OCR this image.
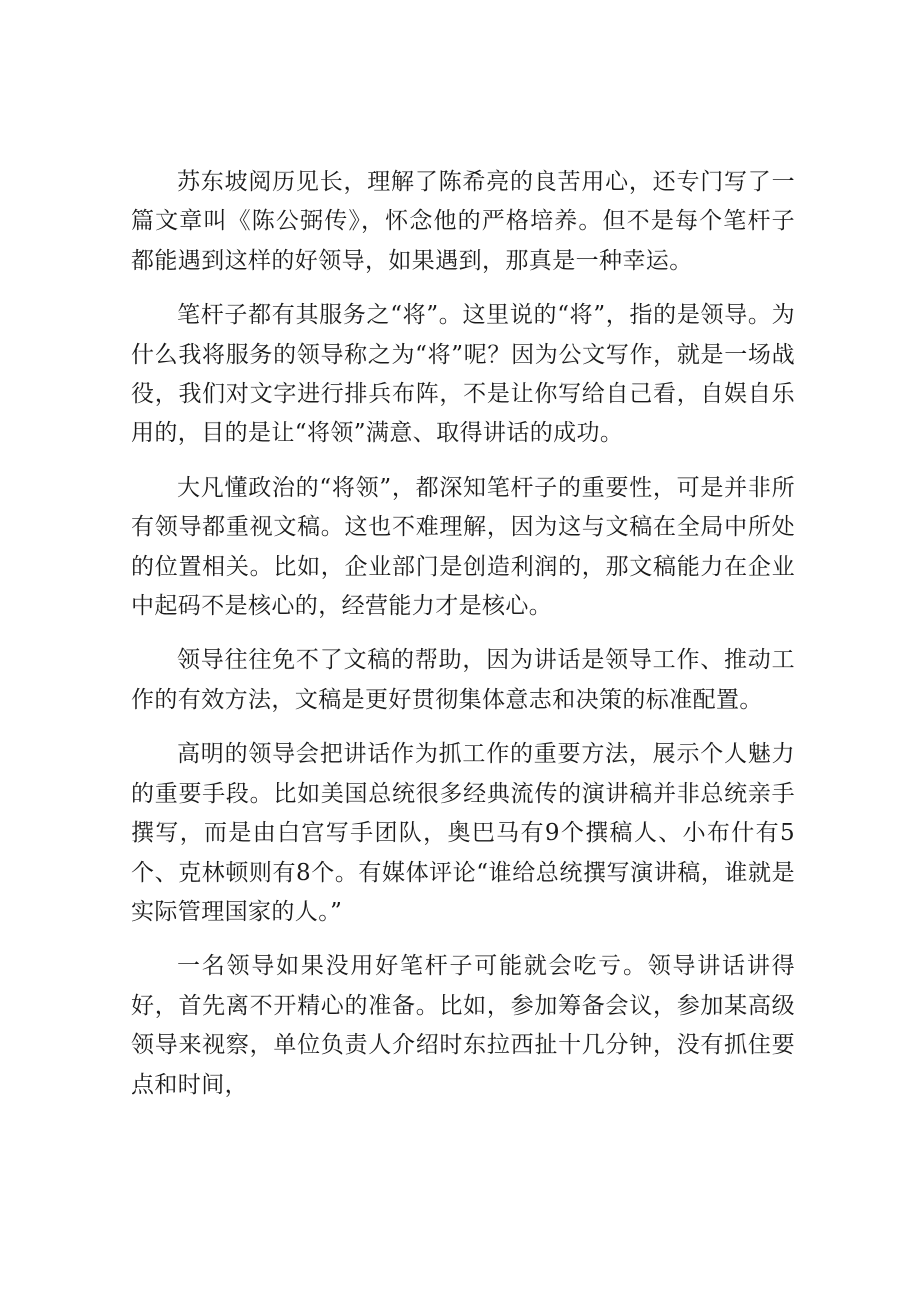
苏东坡阅历见长，理解了陈希亮的良苦用心，还专门写了一篇文章叫《陈公弼传》，怀念他的严格培养。但不是每个笔杆子都能遇到这样的好领导，如果遇到，那真是一种幸运。

笔杆子都有其服务之“将”。这里说的“将”，指的是领导。为什么我将服务的领导称之为“将”呢？因为公文写作，就是一场战役，我们对文字进行排兵布阵，不是让你写给自己看，自娱自乐用的，目的是让“将领”满意、取得讲话的成功。

大凡懂政治的“将领”，都深知笔杆子的重要性，可是并非所有领导都重视文稿。这也不难理解，因为这与文稿在全局中所处的位置相关。比如，企业部门是创造利润的，那文稿能力在企业中起码不是核心的，经营能力才是核心。

领导往往免不了文稿的帮助，因为讲话是领导工作、推动工作的有效方法，文稿是更好贯彻集体意志和决策的标准配置。

高明的领导会把讲话作为抓工作的重要方法，展示个人魅力的重要手段。比如美国总统很多经典流传的演讲稿并非总统亲手撰写，而是由白宫写手团队，奥巴马有9个撰稿人、小布什有5个、克林顿则有8个。有媒体评论“谁给总统撰写演讲稿，谁就是实际管理国家的人。”

一名领导如果没用好笔杆子可能就会吃亏。领导讲话讲得好，首先离不开精心的准备。比如，参加筹备会议，参加某高级领导来视察，单位负责人介绍时东拉西扯十几分钟，没有抓住要点和时间，
